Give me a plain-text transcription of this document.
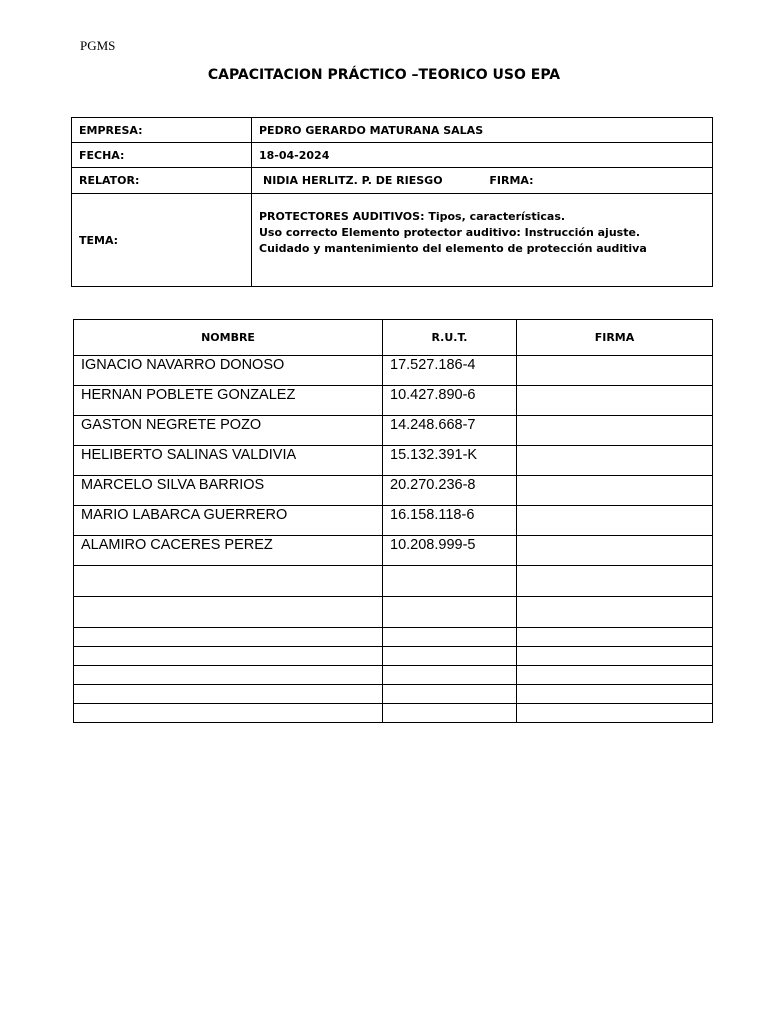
PGMS
CAPACITACION PRÁCTICO –TEORICO USO EPA
EMPRESA:	PEDRO GERARDO MATURANA SALAS
FECHA:	18-04-2024
RELATOR:	NIDIA HERLITZ. P. DE RIESGO FIRMA:
TEMA:	PROTECTORES AUDITIVOS: Tipos, características.
Uso correcto Elemento protector auditivo: Instrucción ajuste.
Cuidado y mantenimiento del elemento de protección auditiva
NOMBRE	R.U.T.	FIRMA
IGNACIO NAVARRO DONOSO	17.527.186-4	
HERNAN POBLETE GONZALEZ	10.427.890-6	
GASTON NEGRETE POZO	14.248.668-7	
HELIBERTO SALINAS VALDIVIA	15.132.391-K	
MARCELO SILVA BARRIOS	20.270.236-8	
MARIO LABARCA GUERRERO	16.158.118-6	
ALAMIRO CACERES PEREZ	10.208.999-5	
